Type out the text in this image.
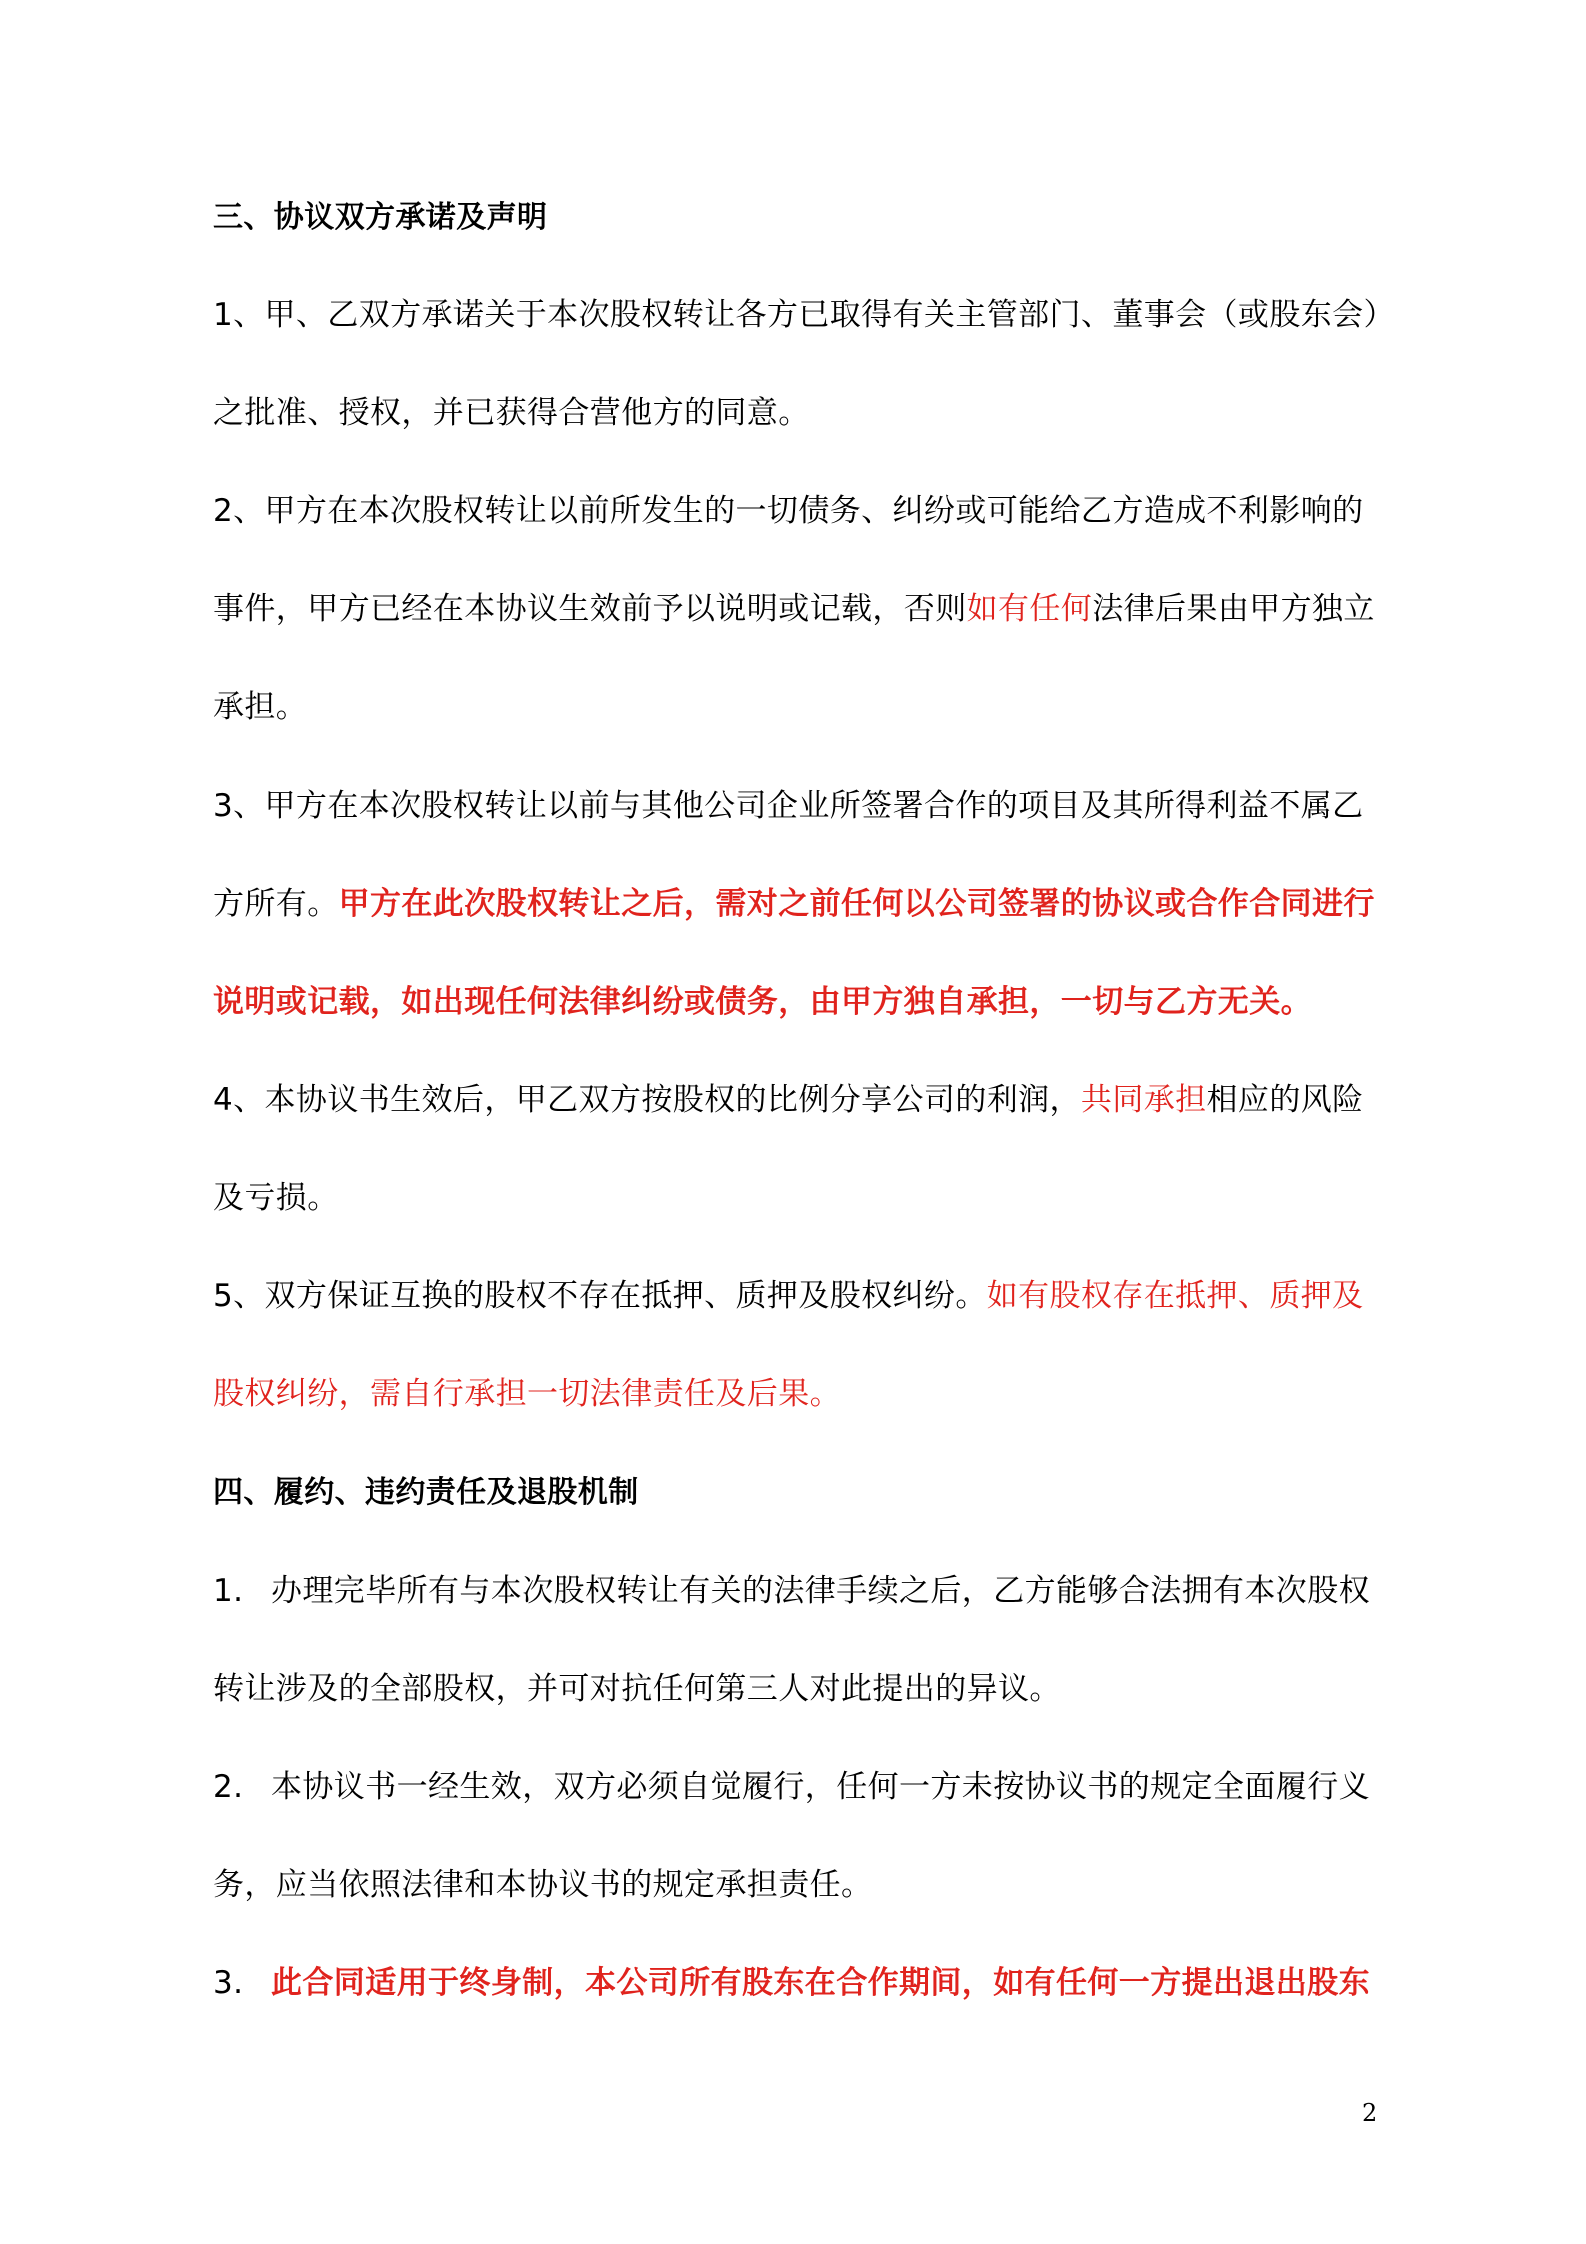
三、协议双方承诺及声明
1、甲、乙双方承诺关于本次股权转让各方已取得有关主管部门、董事会（或股东会）
之批准、授权，并已获得合营他方的同意。
2、甲方在本次股权转让以前所发生的一切债务、纠纷或可能给乙方造成不利影响的
事件，甲方已经在本协议生效前予以说明或记载，否则如有任何法律后果由甲方独立
承担。
3、甲方在本次股权转让以前与其他公司企业所签署合作的项目及其所得利益不属乙
方所有。甲方在此次股权转让之后，需对之前任何以公司签署的协议或合作合同进行
说明或记载，如出现任何法律纠纷或债务，由甲方独自承担，一切与乙方无关。
4、本协议书生效后，甲乙双方按股权的比例分享公司的利润，共同承担相应的风险
及亏损。
5、双方保证互换的股权不存在抵押、质押及股权纠纷。如有股权存在抵押、质押及
股权纠纷，需自行承担一切法律责任及后果。
四、履约、违约责任及退股机制
1. 办理完毕所有与本次股权转让有关的法律手续之后，乙方能够合法拥有本次股权
转让涉及的全部股权，并可对抗任何第三人对此提出的异议。
2. 本协议书一经生效，双方必须自觉履行，任何一方未按协议书的规定全面履行义
务，应当依照法律和本协议书的规定承担责任。
3. 此合同适用于终身制，本公司所有股东在合作期间，如有任何一方提出退出股东
2
